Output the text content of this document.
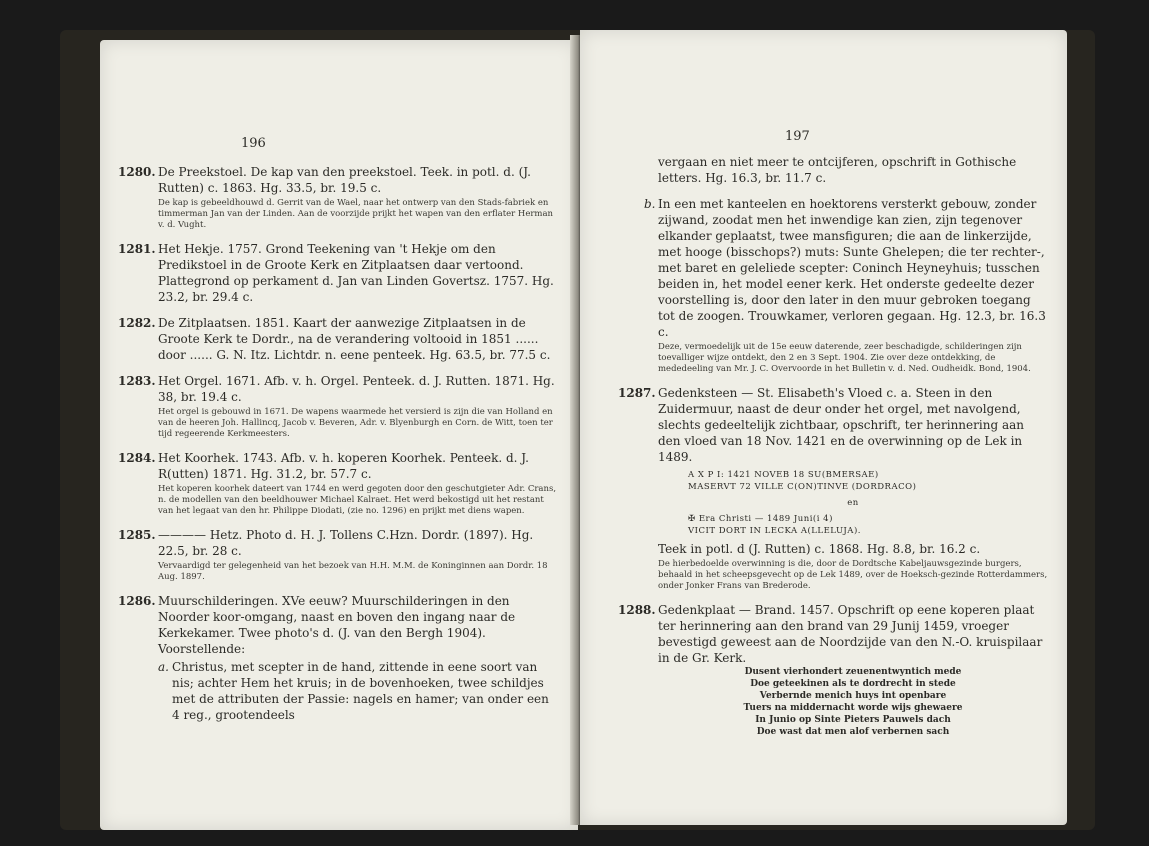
196
1280. De Preekstoel. De kap van den preekstoel. Teek. in potl. d. (J. Rutten) c. 1863. Hg. 33.5, br. 19.5 c.

De kap is gebeeldhouwd d. Gerrit van de Wael, naar het ontwerp van den Stads-fabriek en timmerman Jan van der Linden. Aan de voorzijde prijkt het wapen van den erflater Herman v. d. Vught.

1281. Het Hekje. 1757. Grond Teekening van 't Hekje om den Predikstoel in de Groote Kerk en Zitplaatsen daar vertoond. Plattegrond op perkament d. Jan van Linden Govertsz. 1757. Hg. 23.2, br. 29.4 c.

1282. De Zitplaatsen. 1851. Kaart der aanwezige Zitplaatsen in de Groote Kerk te Dordr., na de verandering voltooid in 1851 ...... door ...... G. N. Itz. Lichtdr. n. eene penteek. Hg. 63.5, br. 77.5 c.

1283. Het Orgel. 1671. Afb. v. h. Orgel. Penteek. d. J. Rutten. 1871. Hg. 38, br. 19.4 c.

Het orgel is gebouwd in 1671. De wapens waarmede het versierd is zijn die van Holland en van de heeren Joh. Hallincq, Jacob v. Beveren, Adr. v. Blyenburgh en Corn. de Witt, toen ter tijd regeerende Kerkmeesters.

1284. Het Koorhek. 1743. Afb. v. h. koperen Koorhek. Penteek. d. J. R(utten) 1871. Hg. 31.2, br. 57.7 c.

Het koperen koorhek dateert van 1744 en werd gegoten door den geschutgieter Adr. Crans, n. de modellen van den beeldhouwer Michael Kalraet. Het werd bekostigd uit het restant van het legaat van den hr. Philippe Diodati, (zie no. 1296) en prijkt met diens wapen.

1285. ———— Hetz. Photo d. H. J. Tollens C.Hzn. Dordr. (1897). Hg. 22.5, br. 28 c.

Vervaardigd ter gelegenheid van het bezoek van H.H. M.M. de Koninginnen aan Dordr. 18 Aug. 1897.

1286. Muurschilderingen. XVe eeuw? Muurschilderingen in den Noorder koor-omgang, naast en boven den ingang naar de Kerkekamer. Twee photo's d. (J. van den Bergh 1904). Voorstellende:

a. Christus, met scepter in de hand, zittende in eene soort van nis; achter Hem het kruis; in de bovenhoeken, twee schildjes met de attributen der Passie: nagels en hamer; van onder een 4 reg., grootendeels
197

vergaan en niet meer te ontcijferen, opschrift in Gothische letters. Hg. 16.3, br. 11.7 c.

b. In een met kanteelen en hoektorens versterkt gebouw, zonder zijwand, zoodat men het inwendige kan zien, zijn tegenover elkander geplaatst, twee mansfiguren; die aan de linkerzijde, met hooge (bisschops?) muts: Sunte Ghelepen; die ter rechter-, met baret en geleliede scepter: Coninch Heyneyhuis; tusschen beiden in, het model eener kerk. Het onderste gedeelte dezer voorstelling is, door den later in den muur gebroken toegang tot de zoogen. Trouwkamer, verloren gegaan. Hg. 12.3, br. 16.3 c.

Deze, vermoedelijk uit de 15e eeuw daterende, zeer beschadigde, schilderingen zijn toevalliger wijze ontdekt, den 2 en 3 Sept. 1904. Zie over deze ontdekking, de mededeeling van Mr. J. C. Overvoorde in het Bulletin v. d. Ned. Oudheidk. Bond, 1904.

1287. Gedenksteen — St. Elisabeth's Vloed c. a. Steen in den Zuidermuur, naast de deur onder het orgel, met navolgend, slechts gedeeltelijk zichtbaar, opschrift, ter herinnering aan den vloed van 18 Nov. 1421 en de overwinning op de Lek in 1489.

A X P I: 1421 NOVEB 18 SU(BMERSAE)
MASERVT 72 VILLE C(ON)TINVE (DORDRACO)
en
✠ Era Christi — 1489 Juni(i 4)
VICIT DORT IN LECKA A(LLELUJA).

Teek in potl. d (J. Rutten) c. 1868. Hg. 8.8, br. 16.2 c.

De hierbedoelde overwinning is die, door de Dordtsche Kabeljauwsgezinde burgers, behaald in het scheepsgevecht op de Lek 1489, over de Hoeksch-gezinde Rotterdammers, onder Jonker Frans van Brederode.

1288. Gedenkplaat — Brand. 1457. Opschrift op eene koperen plaat ter herinnering aan den brand van 29 Junij 1459, vroeger bevestigd geweest aan de Noordzijde van den N.-O. kruispilaar in de Gr. Kerk.

Dusent vierhondert zeuenentwyntich mede
Doe geteekinen als te dordrecht in stede
Verbernde menich huys int openbare
Tuers na middernacht worde wijs ghewaere
In Junio op Sinte Pieters Pauwels dach
Doe wast dat men alof verbernen sach
